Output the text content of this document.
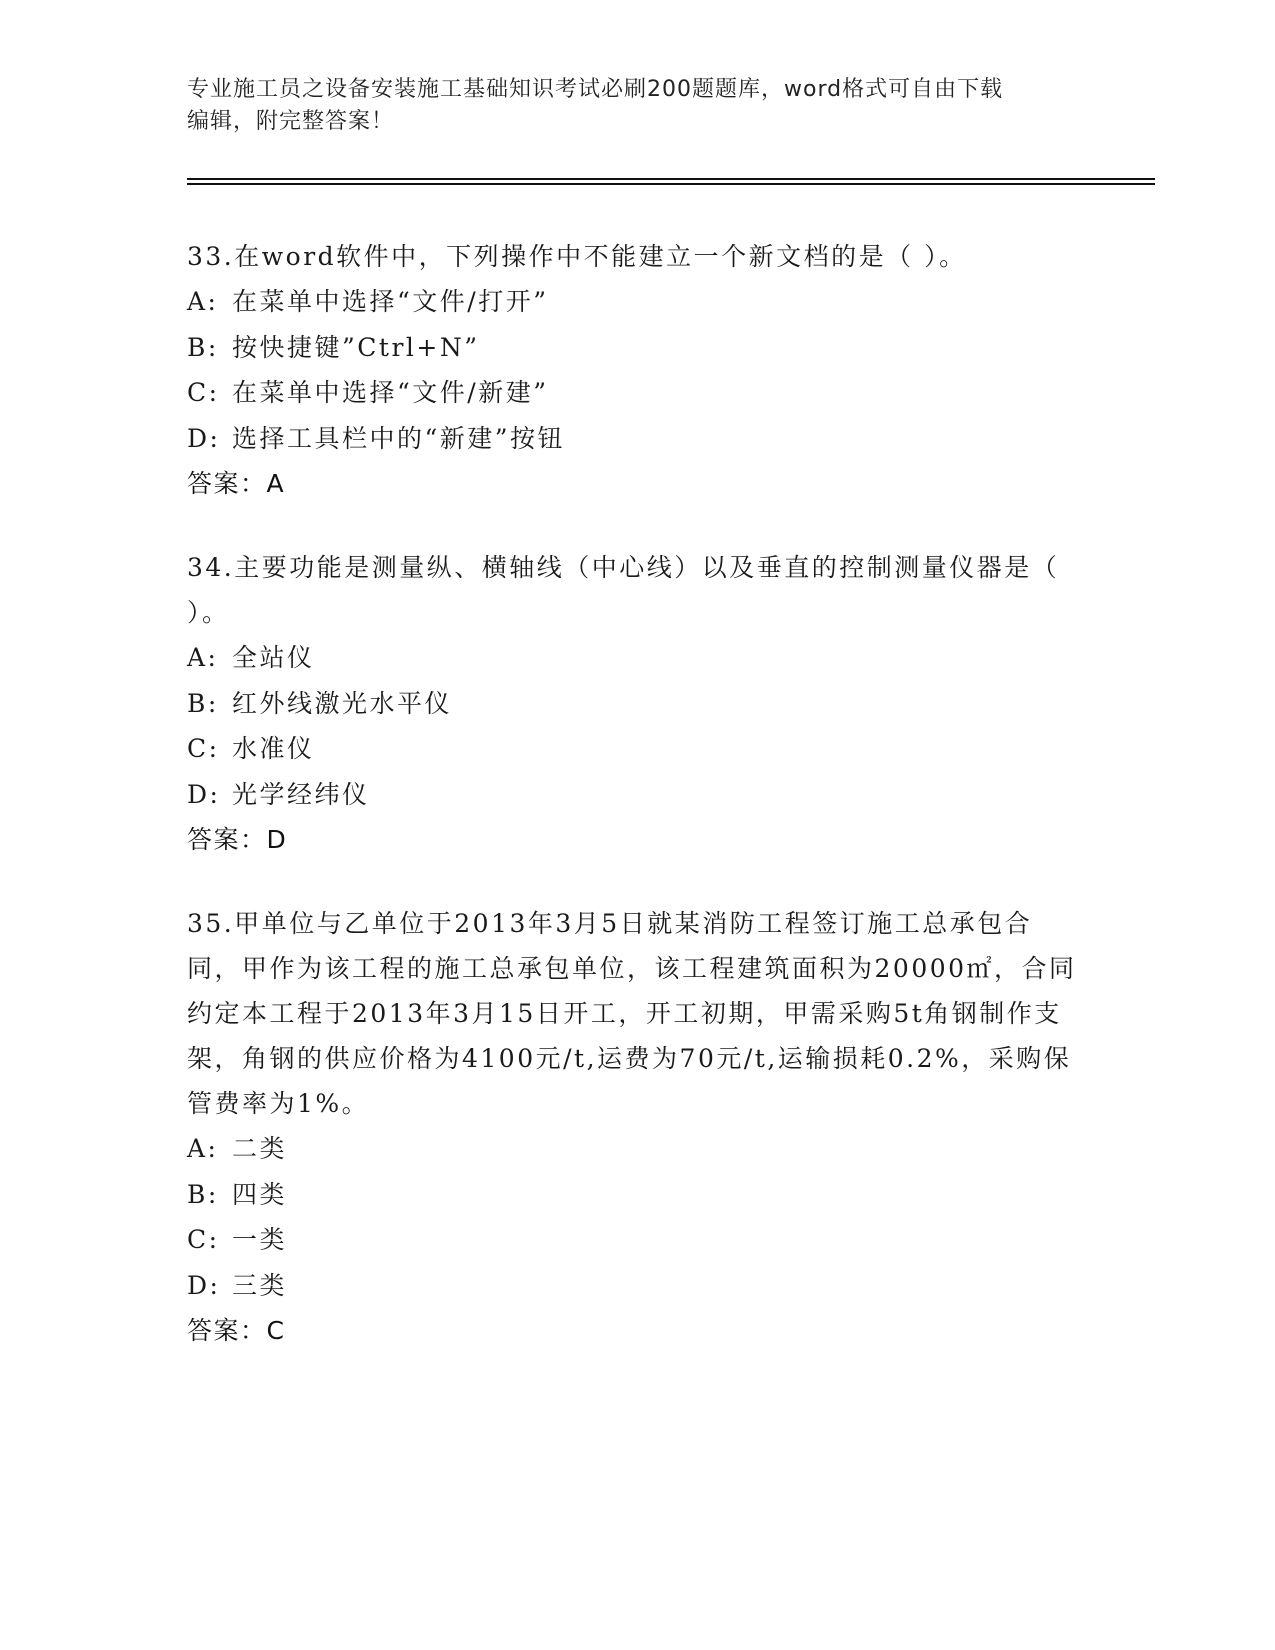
专业施工员之设备安装施工基础知识考试必刷200题题库，word格式可自由下载
编辑，附完整答案！

33.在word软件中，下列操作中不能建立一个新文档的是（ ）。

A: 在菜单中选择“文件/打开”

B: 按快捷键”Ctrl+N”

C: 在菜单中选择“文件/新建”

D: 选择工具栏中的“新建”按钮

答案：A

34.主要功能是测量纵、横轴线（中心线）以及垂直的控制测量仪器是（ ）。

A: 全站仪

B: 红外线激光水平仪

C: 水准仪

D: 光学经纬仪

答案：D

35.甲单位与乙单位于2013年3月5日就某消防工程签订施工总承包合同，甲作为该工程的施工总承包单位，该工程建筑面积为20000㎡，合同约定本工程于2013年3月15日开工，开工初期，甲需采购5t角钢制作支架，角钢的供应价格为4100元/t,运费为70元/t,运输损耗0.2%，采购保管费率为1%。

A: 二类

B: 四类

C: 一类

D: 三类

答案：C
